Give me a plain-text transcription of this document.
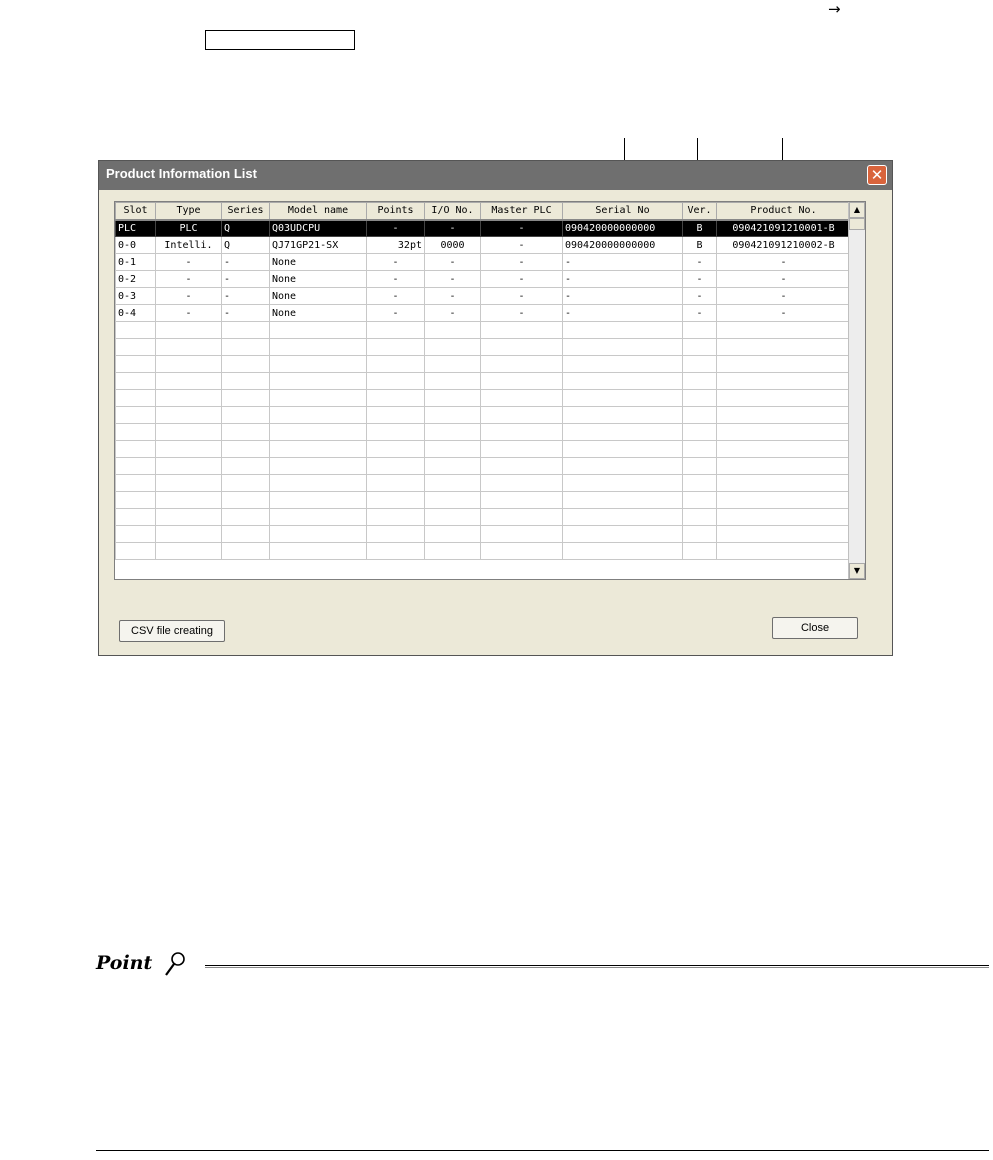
→
Product Information List	✕
Slot	Type	Series	Model name	Points	I/O No.	Master PLC	Serial No	Ver.	Product No.
PLC	PLC	Q	Q03UDCPU	-	-	-	090420000000000	B	090421091210001-B
0-0	Intelli.	Q	QJ71GP21-SX	32pt	0000	-	090420000000000	B	090421091210002-B
0-1	-	-	None	-	-	-	-	-	-
0-2	-	-	None	-	-	-	-	-	-
0-3	-	-	None	-	-	-	-	-	-
0-4	-	-	None	-	-	-	-	-	-

▲
▼
CSV file creating	Close
Point
